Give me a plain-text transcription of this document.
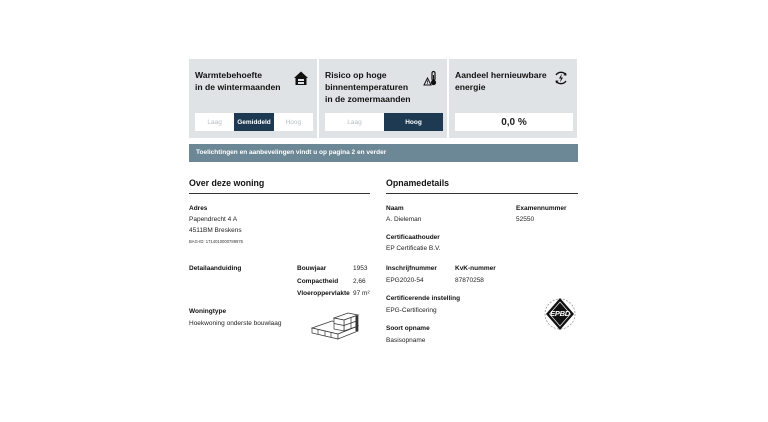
Warmtebehoefte
in de wintermaanden
Laag	Gemiddeld	Hoog
Risico op hoge
binnentemperaturen
in de zomermaanden
Laag	Hoog
Aandeel hernieuwbare
energie
0,0 %
Toelichtingen en aanbevelingen vindt u op pagina 2 en verder
Over deze woning
Adres
Papendrecht 4 A
4511BM Breskens
BAG-ID: 1714010000789976
Detailaanduiding	Bouwjaar	1953
Compactheid 2,66
Vloeroppervlakte 97 m²
Woningtype
Hoekwoning onderste bouwlaag
Opnamedetails
Naam
A. Dieleman
Examennummer
52550
Certificaathouder
EP Certificatie B.V.
Inschrijfnummer
EPG2020-54
KvK-nummer
87870258
Certificerende instelling
EPG-Certificering
Soort opname
Basisopname
EPBD
